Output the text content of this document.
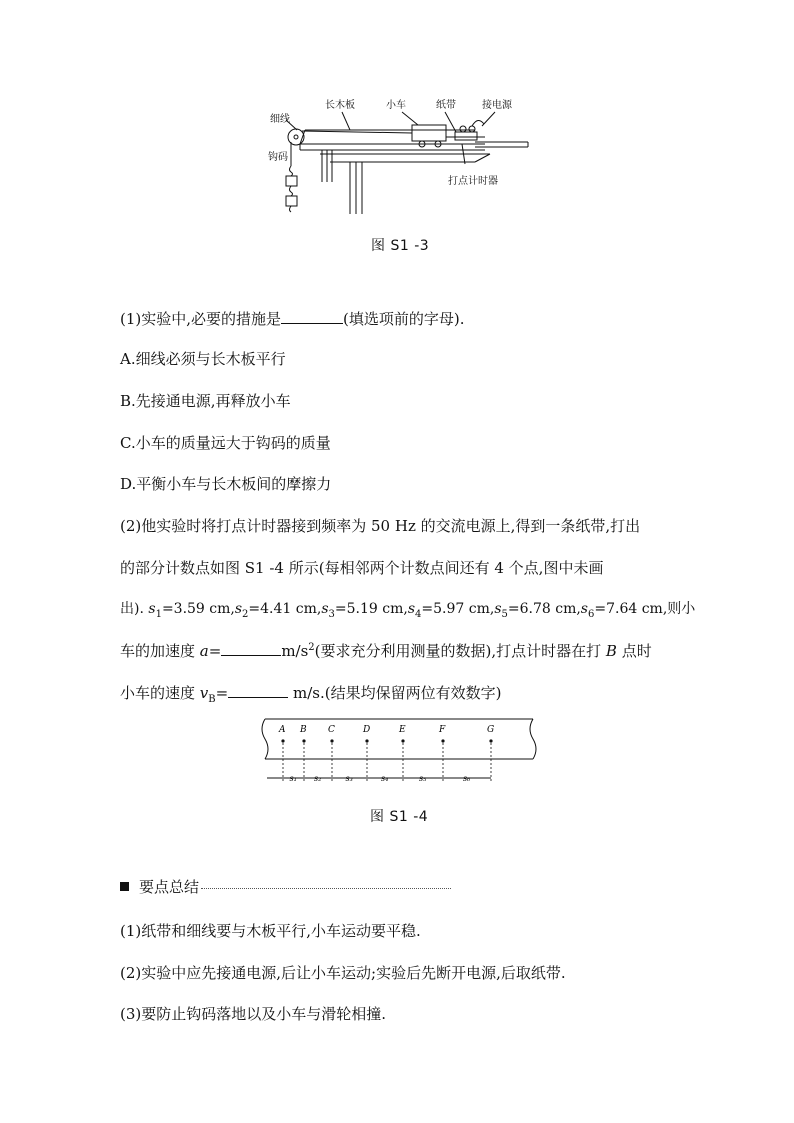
长木板	小车	纸带	接电源
细线
钩码
打点计时器
图 S1 -3
(1)实验中,必要的措施是	(填选项前的字母).
A.细线必须与长木板平行
B.先接通电源,再释放小车
C.小车的质量远大于钩码的质量
D.平衡小车与长木板间的摩擦力
(2)他实验时将打点计时器接到频率为 50 Hz 的交流电源上,得到一条纸带,打出
的部分计数点如图 S1 -4 所示(每相邻两个计数点间还有 4 个点,图中未画
出). $s_1=3.59$ $cm,s_2=4.41$ $cm,s_3=5.19$ $cm,s_4=5.97$ $cm,s_5=6.78$ $cm,s_6=7.64$ cm,则小
车的加速度 a=	$m/s^2$(要求充分利用测量的数据),打点计时器在打 B 点时
小车的速度 $v_B=$	m/s.(结果均保留两位有效数字)
A B C	D	E	F	G
s₁ s₂	s₃	s₄	s₅	s₆
图 S1 -4
要点总结
(1)纸带和细线要与木板平行,小车运动要平稳.
(2)实验中应先接通电源,后让小车运动;实验后先断开电源,后取纸带.
(3)要防止钩码落地以及小车与滑轮相撞.
